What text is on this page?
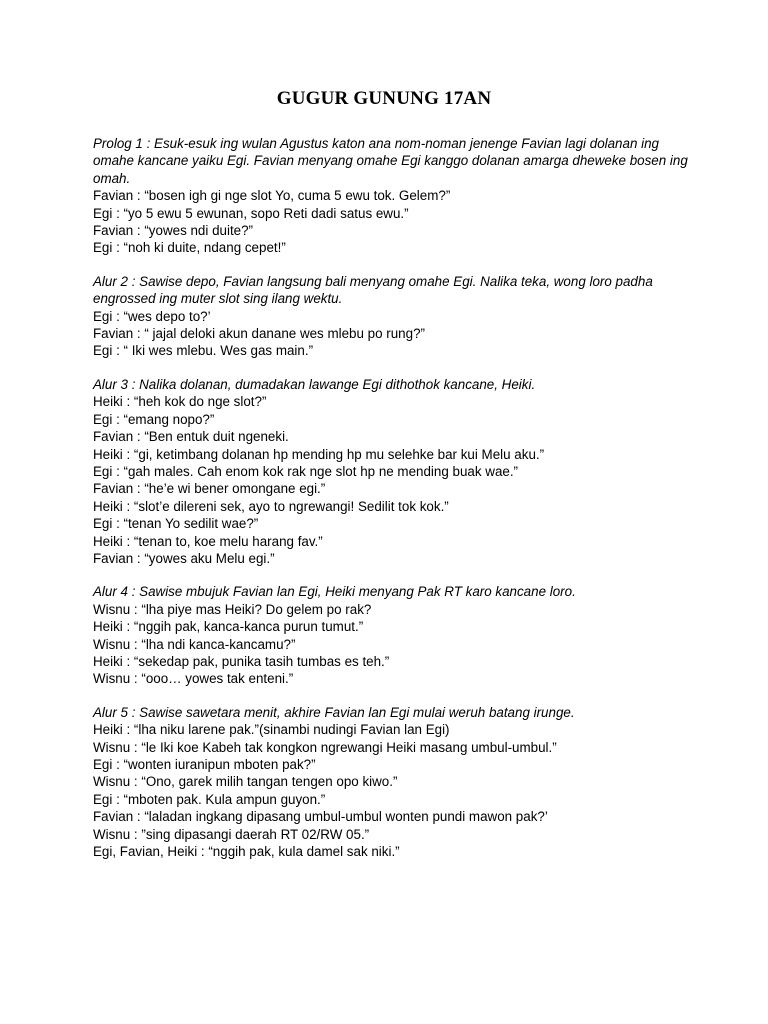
GUGUR GUNUNG 17AN
Prolog 1 : Esuk-esuk ing wulan Agustus katon ana nom-noman jenenge Favian lagi dolanan ing omahe kancane yaiku Egi. Favian menyang omahe Egi kanggo dolanan amarga dheweke bosen ing omah.
Favian : “bosen igh gi nge slot Yo, cuma 5 ewu tok. Gelem?”
Egi : “yo 5 ewu 5 ewunan, sopo Reti dadi satus ewu.”
Favian : “yowes ndi duite?”
Egi : “noh ki duite, ndang cepet!”
Alur 2 : Sawise depo, Favian langsung bali menyang omahe Egi. Nalika teka, wong loro padha engrossed ing muter slot sing ilang wektu.
Egi : “wes depo to?’
Favian : “ jajal deloki akun danane wes mlebu po rung?”
Egi : “ Iki wes mlebu. Wes gas main.”
Alur 3 : Nalika dolanan, dumadakan lawange Egi dithothok kancane, Heiki.
Heiki : “heh kok do nge slot?”
Egi : “emang nopo?”
Favian : “Ben entuk duit ngeneki.
Heiki : “gi, ketimbang dolanan hp mending hp mu selehke bar kui Melu aku.”
Egi : “gah males. Cah enom kok rak nge slot hp ne mending buak wae.”
Favian : “he’e wi bener omongane egi.”
Heiki : “slot’e dilereni sek, ayo to ngrewangi! Sedilit tok kok.”
Egi : “tenan Yo sedilit wae?”
Heiki : “tenan to, koe melu harang fav.”
Favian : “yowes aku Melu egi.”
Alur 4 : Sawise mbujuk Favian lan Egi, Heiki menyang Pak RT karo kancane loro.
Wisnu : “lha piye mas Heiki? Do gelem po rak?
Heiki : “nggih pak, kanca-kanca purun tumut.”
Wisnu : “lha ndi kanca-kancamu?”
Heiki : “sekedap pak, punika tasih tumbas es teh.”
Wisnu : “ooo… yowes tak enteni.”
Alur 5 : Sawise sawetara menit, akhire Favian lan Egi mulai weruh batang irunge.
Heiki : “lha niku larene pak.”(sinambi nudingi Favian lan Egi)
Wisnu : “le Iki koe Kabeh tak kongkon ngrewangi Heiki masang umbul-umbul.”
Egi : “wonten iuranipun mboten pak?”
Wisnu : “Ono, garek milih tangan tengen opo kiwo.”
Egi : “mboten pak. Kula ampun guyon.”
Favian : “laladan ingkang dipasang umbul-umbul wonten pundi mawon pak?’
Wisnu : ”sing dipasangi daerah RT 02/RW 05.”
Egi, Favian, Heiki : “nggih pak, kula damel sak niki.”
